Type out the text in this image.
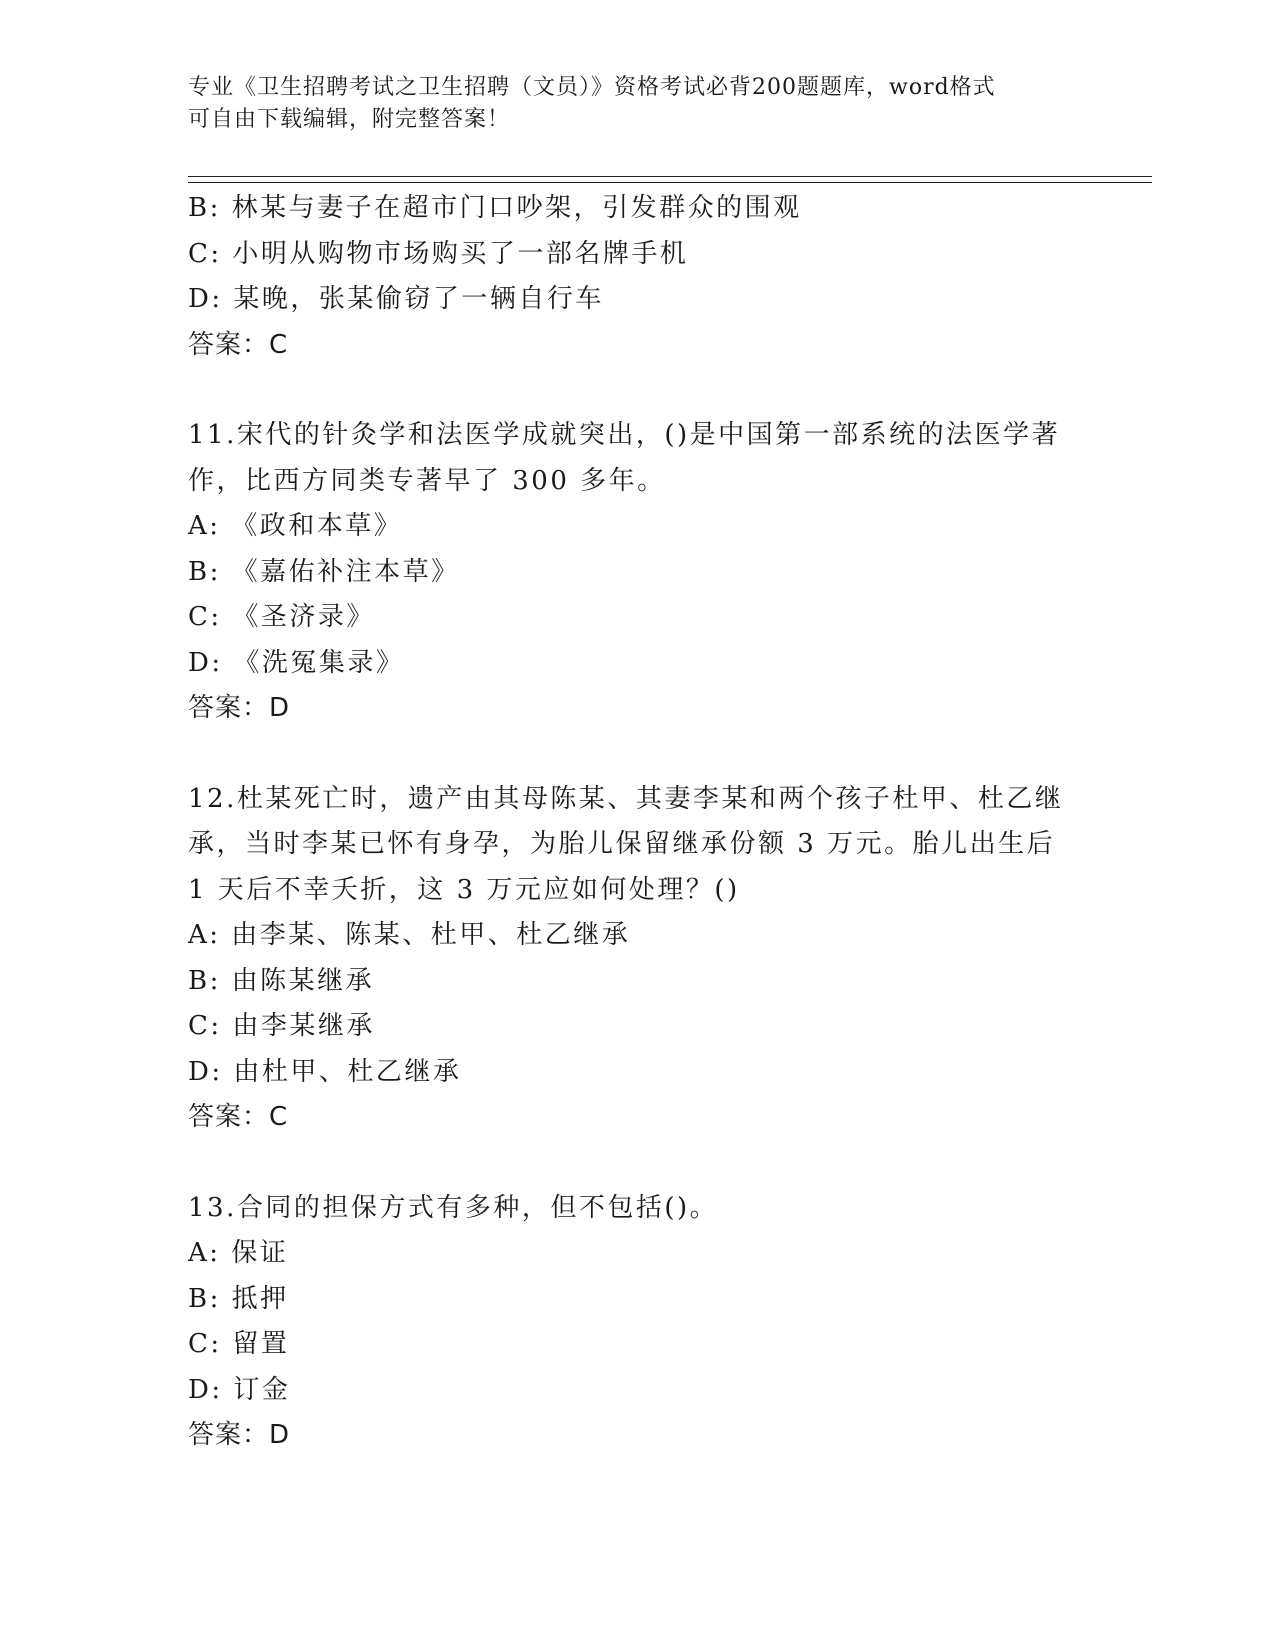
专业《卫生招聘考试之卫生招聘（文员）》资格考试必背200题题库，word格式
可自由下载编辑，附完整答案！
B: 林某与妻子在超市门口吵架，引发群众的围观
C: 小明从购物市场购买了一部名牌手机
D: 某晚，张某偷窃了一辆自行车
答案：C
11.宋代的针灸学和法医学成就突出，()是中国第一部系统的法医学著
作，比西方同类专著早了 300 多年。
A: 《政和本草》
B: 《嘉佑补注本草》
C: 《圣济录》
D: 《洗冤集录》
答案：D
12.杜某死亡时，遗产由其母陈某、其妻李某和两个孩子杜甲、杜乙继
承，当时李某已怀有身孕，为胎儿保留继承份额 3 万元。胎儿出生后
1 天后不幸夭折，这 3 万元应如何处理？()
A: 由李某、陈某、杜甲、杜乙继承
B: 由陈某继承
C: 由李某继承
D: 由杜甲、杜乙继承
答案：C
13.合同的担保方式有多种，但不包括()。
A: 保证
B: 抵押
C: 留置
D: 订金
答案：D
